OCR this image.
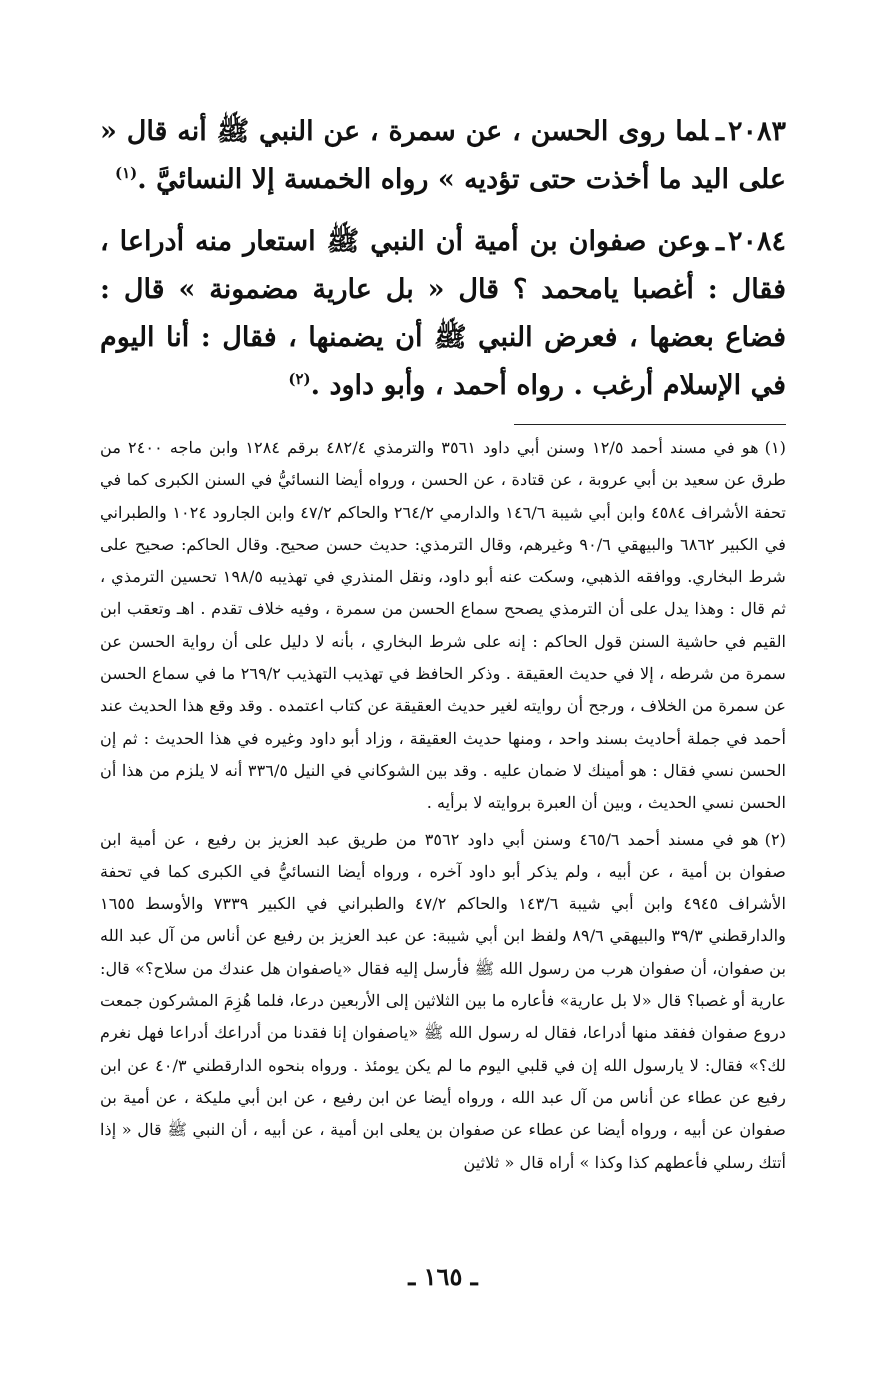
٢٠٨٣ـلما روى الحسن ، عن سمرة ، عن النبي ﷺ أنه قال « على اليد ما أخذت حتى تؤديه » رواه الخمسة إلا النسائيَّ .$^{(١)}$

٢٠٨٤ـوعن صفوان بن أمية أن النبي ﷺ استعار منه أدراعا ، فقال : أغصبا يامحمد ؟ قال « بل عارية مضمونة » قال : فضاع بعضها ، فعرض النبي ﷺ أن يضمنها ، فقال : أنا اليوم في الإسلام أرغب . رواه أحمد ، وأبو داود .$^{(٢)}$

(١)هو في مسند أحمد ١٢/٥ وسنن أبي داود ٣٥٦١ والترمذي ٤٨٢/٤ برقم ١٢٨٤ وابن ماجه ٢٤٠٠ من طرق عن سعيد بن أبي عروبة ، عن قتادة ، عن الحسن ، ورواه أيضا النسائيُّ في السنن الكبرى كما في تحفة الأشراف ٤٥٨٤ وابن أبي شيبة ١٤٦/٦ والدارمي ٢٦٤/٢ والحاكم ٤٧/٢ وابن الجارود ١٠٢٤ والطبراني في الكبير ٦٨٦٢ والبيهقي ٩٠/٦ وغيرهم، وقال الترمذي: حديث حسن صحيح. وقال الحاكم: صحيح على شرط البخاري. ووافقه الذهبي، وسكت عنه أبو داود، ونقل المنذري في تهذيبه ١٩٨/٥ تحسين الترمذي ، ثم قال : وهذا يدل على أن الترمذي يصحح سماع الحسن من سمرة ، وفيه خلاف تقدم . اهـ وتعقب ابن القيم في حاشية السنن قول الحاكم : إنه على شرط البخاري ، بأنه لا دليل على أن رواية الحسن عن سمرة من شرطه ، إلا في حديث العقيقة . وذكر الحافظ في تهذيب التهذيب ٢٦٩/٢ ما في سماع الحسن عن سمرة من الخلاف ، ورجح أن روايته لغير حديث العقيقة عن كتاب اعتمده . وقد وقع هذا الحديث عند أحمد في جملة أحاديث بسند واحد ، ومنها حديث العقيقة ، وزاد أبو داود وغيره في هذا الحديث : ثم إن الحسن نسي فقال : هو أمينك لا ضمان عليه . وقد بين الشوكاني في النيل ٣٣٦/٥ أنه لا يلزم من هذا أن الحسن نسي الحديث ، وبين أن العبرة بروايته لا برأيه .

(٢)هو في مسند أحمد ٤٦٥/٦ وسنن أبي داود ٣٥٦٢ من طريق عبد العزيز بن رفيع ، عن أمية ابن صفوان بن أمية ، عن أبيه ، ولم يذكر أبو داود آخره ، ورواه أيضا النسائيُّ في الكبرى كما في تحفة الأشراف ٤٩٤٥ وابن أبي شيبة ١٤٣/٦ والحاكم ٤٧/٢ والطبراني في الكبير ٧٣٣٩ والأوسط ١٦٥٥ والدارقطني ٣٩/٣ والبيهقي ٨٩/٦ ولفظ ابن أبي شيبة: عن عبد العزيز بن رفيع عن أناس من آل عبد الله بن صفوان، أن صفوان هرب من رسول الله ﷺ فأرسل إليه فقال «ياصفوان هل عندك من سلاح؟» قال: عارية أو غصبا؟ قال «لا بل عارية» فأعاره ما بين الثلاثين إلى الأربعين درعا، فلما هُزِمَ المشركون جمعت دروع صفوان ففقد منها أدراعا، فقال له رسول الله ﷺ «ياصفوان إنا فقدنا من أدراعك أدراعا فهل نغرم لك؟» فقال: لا يارسول الله إن في قلبي اليوم ما لم يكن يومئذ . ورواه بنحوه الدارقطني ٤٠/٣ عن ابن رفيع عن عطاء عن أناس من آل عبد الله ، ورواه أيضا عن ابن رفيع ، عن ابن أبي مليكة ، عن أمية بن صفوان عن أبيه ، ورواه أيضا عن عطاء عن صفوان بن يعلى ابن أمية ، عن أبيه ، أن النبي ﷺ قال « إذا أتتك رسلي فأعطهم كذا وكذا » أراه قال « ثلاثين

ـ ١٦٥ ـ
